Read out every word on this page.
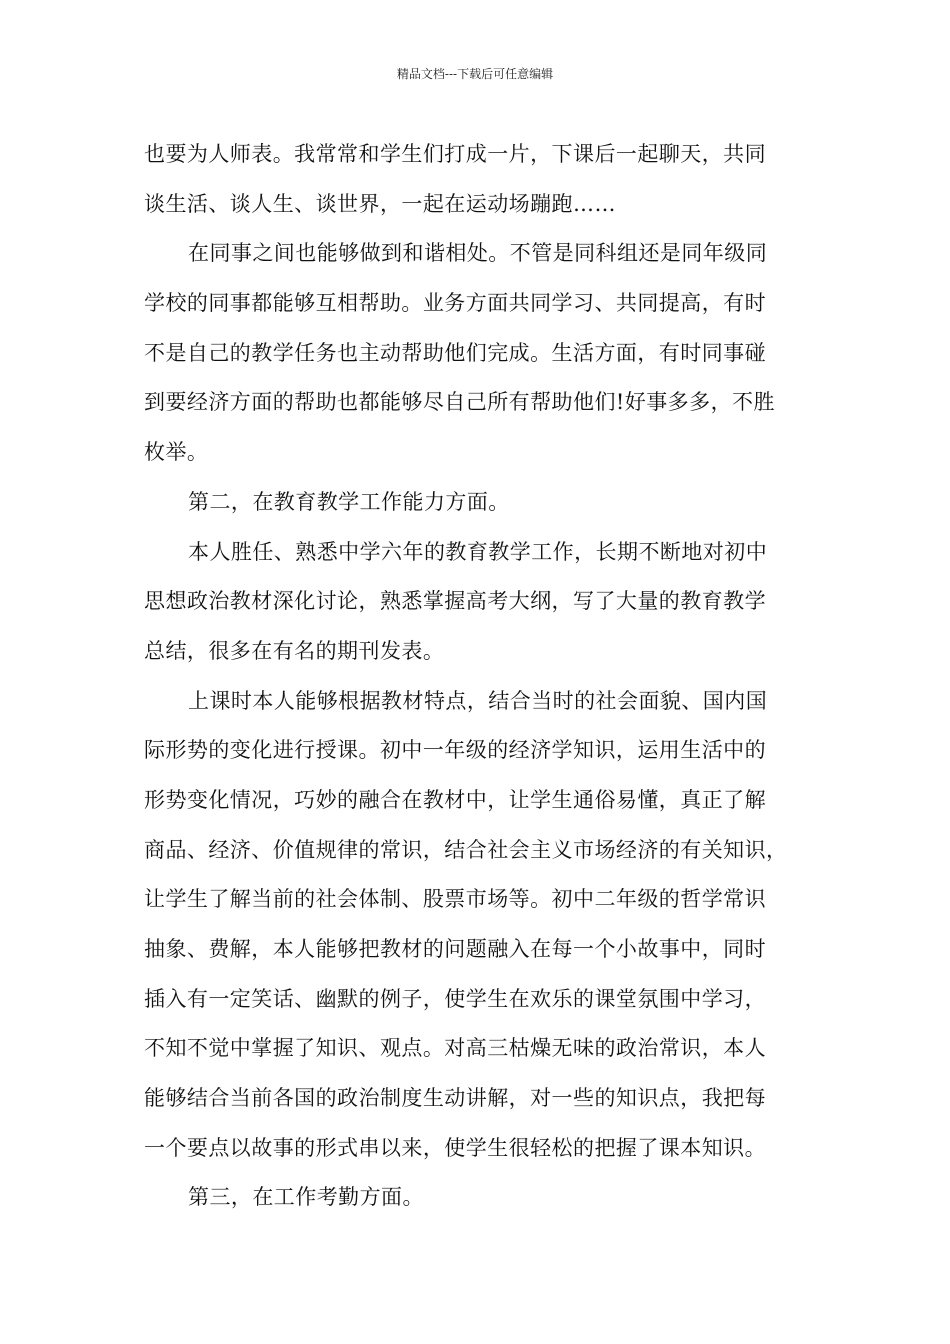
精品文档---下载后可任意编辑
也要为人师表。我常常和学生们打成一片，下课后一起聊天，共同
谈生活、谈人生、谈世界，一起在运动场蹦跑……
在同事之间也能够做到和谐相处。不管是同科组还是同年级同
学校的同事都能够互相帮助。业务方面共同学习、共同提高，有时
不是自己的教学任务也主动帮助他们完成。生活方面，有时同事碰
到要经济方面的帮助也都能够尽自己所有帮助他们!好事多多，不胜
枚举。
第二，在教育教学工作能力方面。
本人胜任、熟悉中学六年的教育教学工作，长期不断地对初中
思想政治教材深化讨论，熟悉掌握高考大纲，写了大量的教育教学
总结，很多在有名的期刊发表。
上课时本人能够根据教材特点，结合当时的社会面貌、国内国
际形势的变化进行授课。初中一年级的经济学知识，运用生活中的
形势变化情况，巧妙的融合在教材中，让学生通俗易懂，真正了解
商品、经济、价值规律的常识，结合社会主义市场经济的有关知识，
让学生了解当前的社会体制、股票市场等。初中二年级的哲学常识
抽象、费解，本人能够把教材的问题融入在每一个小故事中，同时
插入有一定笑话、幽默的例子，使学生在欢乐的课堂氛围中学习，
不知不觉中掌握了知识、观点。对高三枯燥无味的政治常识，本人
能够结合当前各国的政治制度生动讲解，对一些的知识点，我把每
一个要点以故事的形式串以来，使学生很轻松的把握了课本知识。
第三，在工作考勤方面。
